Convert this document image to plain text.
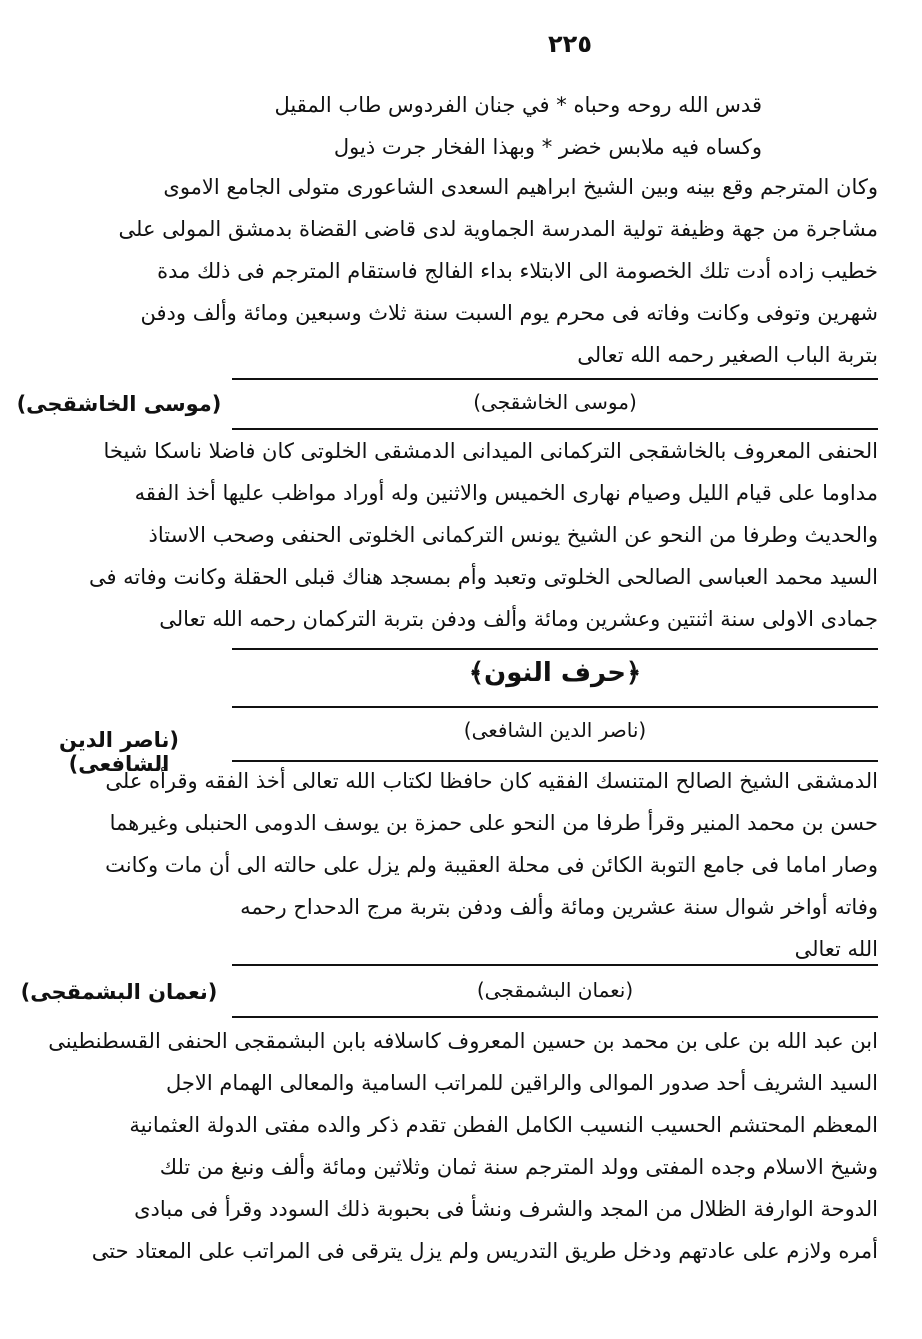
٢٢٥
قدس الله روحه وحباه * في جنان الفردوس طاب المقيل
وكساه فيه ملابس خضر * وبهذا الفخار جرت ذيول
وكان المترجم وقع بينه وبين الشيخ ابراهيم السعدى الشاعورى متولى الجامع الاموى
مشاجرة من جهة وظيفة تولية المدرسة الجماوية لدى قاضى القضاة بدمشق المولى على
خطيب زاده أدت تلك الخصومة الى الابتلاء بداء الفالج فاستقام المترجم فى ذلك مدة
شهرين وتوفى وكانت وفاته فى محرم يوم السبت سنة ثلاث وسبعين ومائة وألف ودفن
بتربة الباب الصغير رحمه الله تعالى
(موسى الخاشقجى)
(موسى الخاشقجى)
الحنفى المعروف بالخاشقجى التركمانى الميدانى الدمشقى الخلوتى كان فاضلا ناسكا شيخا
مداوما على قيام الليل وصيام نهارى الخميس والاثنين وله أوراد مواظب عليها أخذ الفقه
والحديث وطرفا من النحو عن الشيخ يونس التركمانى الخلوتى الحنفى وصحب الاستاذ
السيد محمد العباسى الصالحى الخلوتى وتعبد وأم بمسجد هناك قبلى الحقلة وكانت وفاته فى
جمادى الاولى سنة اثنتين وعشرين ومائة وألف ودفن بتربة التركمان رحمه الله تعالى
﴿حرف النون﴾
(ناصر الدين الشافعى)
(ناصر الدين الشافعى)
الدمشقى الشيخ الصالح المتنسك الفقيه كان حافظا لكتاب الله تعالى أخذ الفقه وقرأه على
حسن بن محمد المنير وقرأ طرفا من النحو على حمزة بن يوسف الدومى الحنبلى وغيرهما
وصار اماما فى جامع التوبة الكائن فى محلة العقيبة ولم يزل على حالته الى أن مات وكانت
وفاته أواخر شوال سنة عشرين ومائة وألف ودفن بتربة مرج الدحداح رحمه
الله تعالى
(نعمان البشمقجى)
(نعمان البشمقجى)
ابن عبد الله بن على بن محمد بن حسين المعروف كاسلافه بابن البشمقجى الحنفى القسطنطينى
السيد الشريف أحد صدور الموالى والراقين للمراتب السامية والمعالى الهمام الاجل
المعظم المحتشم الحسيب النسيب الكامل الفطن تقدم ذكر والده مفتى الدولة العثمانية
وشيخ الاسلام وجده المفتى وولد المترجم سنة ثمان وثلاثين ومائة وألف ونبغ من تلك
الدوحة الوارفة الظلال من المجد والشرف ونشأ فى بحبوبة ذلك السودد وقرأ فى مبادى
أمره ولازم على عادتهم ودخل طريق التدريس ولم يزل يترقى فى المراتب على المعتاد حتى
